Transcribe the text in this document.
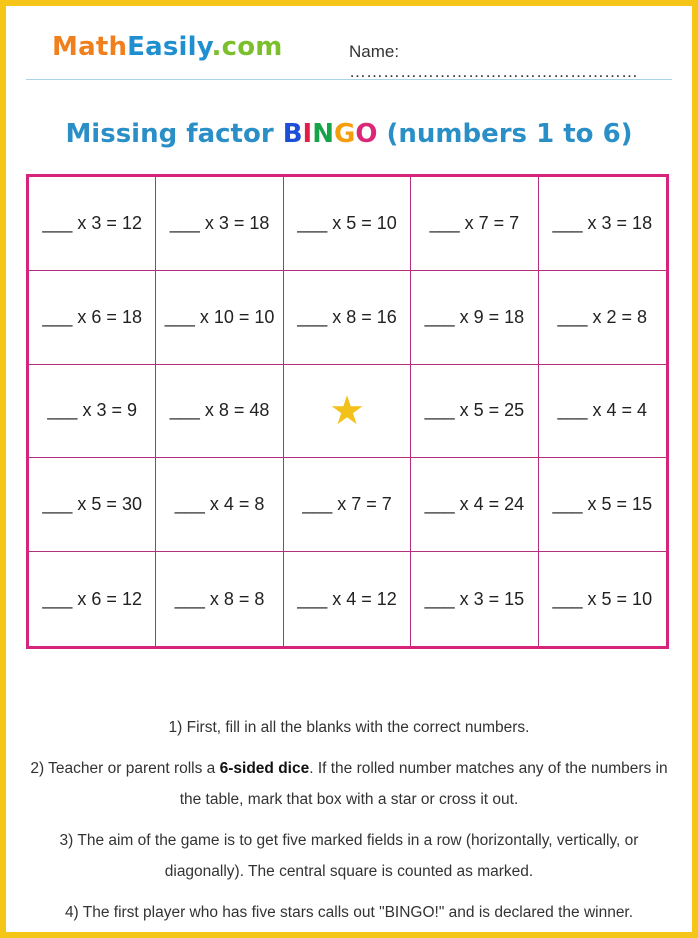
MathEasily.com	Name: ……………………………………………
Missing factor BINGO (numbers 1 to 6)
___ x 3 = 12	___ x 3 = 18	___ x 5 = 10	___ x 7 = 7	___ x 3 = 18
___ x 6 = 18	___ x 10 = 10	___ x 8 = 16	___ x 9 = 18	___ x 2 = 8
___ x 3 = 9	___ x 8 = 48	★	___ x 5 = 25	___ x 4 = 4
___ x 5 = 30	___ x 4 = 8	___ x 7 = 7	___ x 4 = 24	___ x 5 = 15
___ x 6 = 12	___ x 8 = 8	___ x 4 = 12	___ x 3 = 15	___ x 5 = 10

1) First, fill in all the blanks with the correct numbers.

2) Teacher or parent rolls a 6-sided dice. If the rolled number matches any of the numbers in the table, mark that box with a star or cross it out.

3) The aim of the game is to get five marked fields in a row (horizontally, vertically, or diagonally). The central square is counted as marked.

4) The first player who has five stars calls out "BINGO!" and is declared the winner.
